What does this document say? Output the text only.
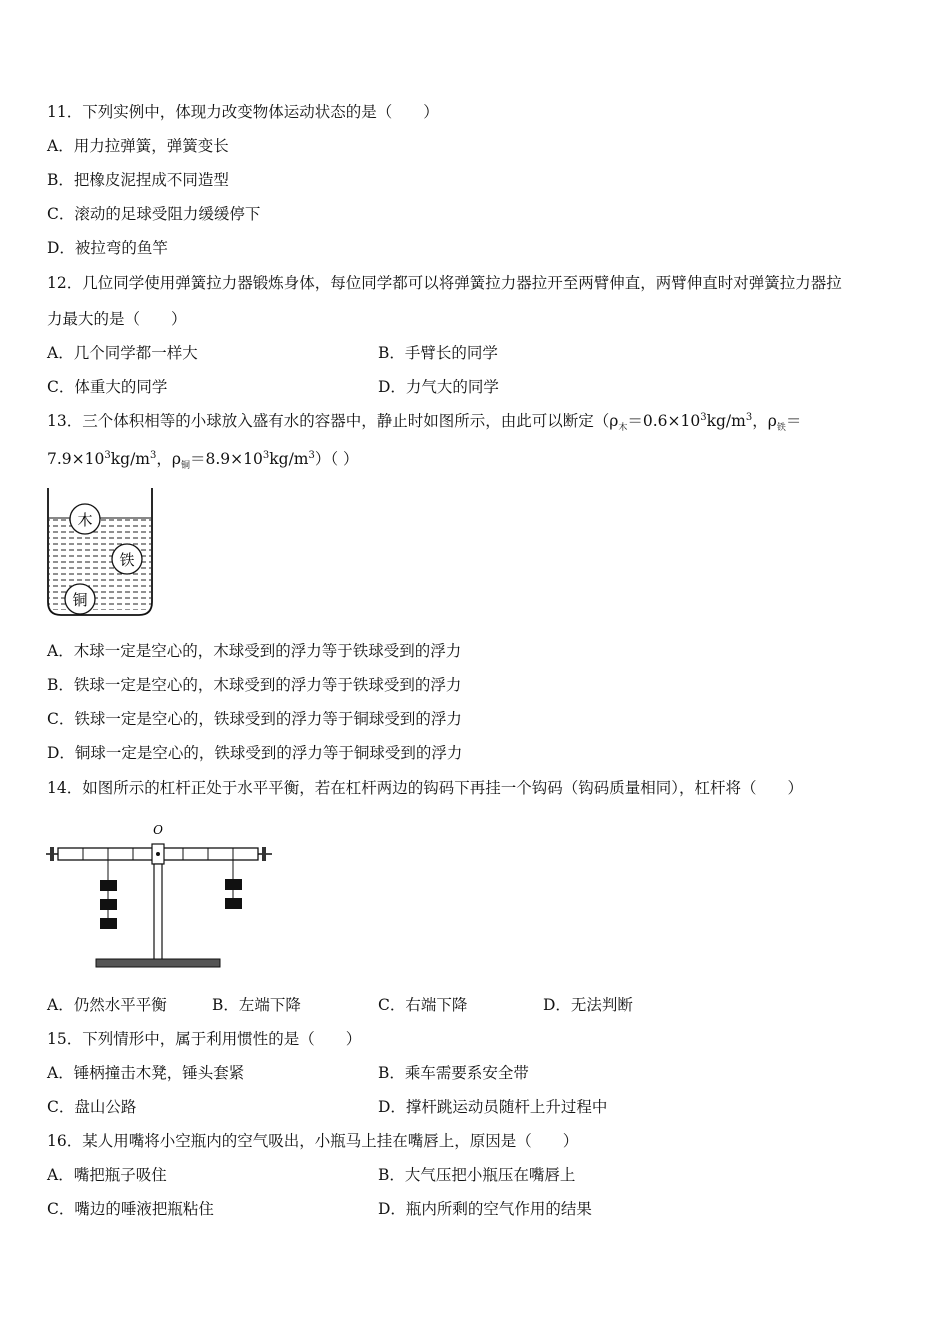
11．下列实例中，体现力改变物体运动状态的是（　　）
A．用力拉弹簧，弹簧变长
B．把橡皮泥捏成不同造型
C．滚动的足球受阻力缓缓停下
D．被拉弯的鱼竿
12．几位同学使用弹簧拉力器锻炼身体，每位同学都可以将弹簧拉力器拉开至两臂伸直，两臂伸直时对弹簧拉力器拉
力最大的是（　　）
A．几个同学都一样大	B．手臂长的同学
C．体重大的同学	D．力气大的同学
13．三个体积相等的小球放入盛有水的容器中，静止时如图所示，由此可以断定（$\rho_木=0.6\times 10^3kg/m^3$，$\rho_铁=$
$7.9\times 10^3kg/m^3$，$\rho_铜=8.9\times 10^3kg/m^3$）（ ）
木
铁
铜
A．木球一定是空心的，木球受到的浮力等于铁球受到的浮力
B．铁球一定是空心的，木球受到的浮力等于铁球受到的浮力
C．铁球一定是空心的，铁球受到的浮力等于铜球受到的浮力
D．铜球一定是空心的，铁球受到的浮力等于铜球受到的浮力
14．如图所示的杠杆正处于水平平衡，若在杠杆两边的钩码下再挂一个钩码（钩码质量相同），杠杆将（　　）
O
A．仍然水平平衡	B．左端下降	C．右端下降	D．无法判断
15．下列情形中，属于利用惯性的是（　　）
A．锤柄撞击木凳，锤头套紧	B．乘车需要系安全带
C．盘山公路	D．撑杆跳运动员随杆上升过程中
16．某人用嘴将小空瓶内的空气吸出，小瓶马上挂在嘴唇上，原因是（　　）
A．嘴把瓶子吸住	B．大气压把小瓶压在嘴唇上
C．嘴边的唾液把瓶粘住	D．瓶内所剩的空气作用的结果
